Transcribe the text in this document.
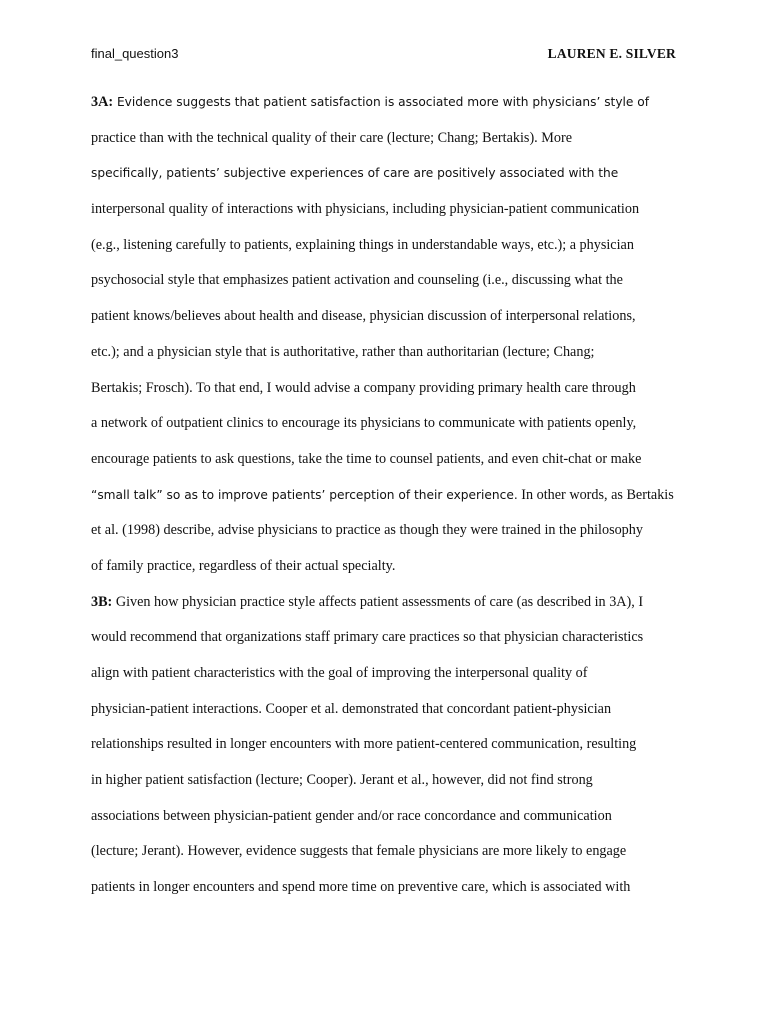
final_question3	LAUREN E. SILVER
3A: Evidence suggests that patient satisfaction is associated more with physicians’ style of
practice than with the technical quality of their care (lecture; Chang; Bertakis). More
specifically, patients’ subjective experiences of care are positively associated with the
interpersonal quality of interactions with physicians, including physician-patient communication
(e.g., listening carefully to patients, explaining things in understandable ways, etc.); a physician
psychosocial style that emphasizes patient activation and counseling (i.e., discussing what the
patient knows/believes about health and disease, physician discussion of interpersonal relations,
etc.); and a physician style that is authoritative, rather than authoritarian (lecture; Chang;
Bertakis; Frosch). To that end, I would advise a company providing primary health care through
a network of outpatient clinics to encourage its physicians to communicate with patients openly,
encourage patients to ask questions, take the time to counsel patients, and even chit-chat or make
“small talk” so as to improve patients’ perception of their experience. In other words, as Bertakis
et al. (1998) describe, advise physicians to practice as though they were trained in the philosophy
of family practice, regardless of their actual specialty.
3B: Given how physician practice style affects patient assessments of care (as described in 3A), I
would recommend that organizations staff primary care practices so that physician characteristics
align with patient characteristics with the goal of improving the interpersonal quality of
physician-patient interactions. Cooper et al. demonstrated that concordant patient-physician
relationships resulted in longer encounters with more patient-centered communication, resulting
in higher patient satisfaction (lecture; Cooper). Jerant et al., however, did not find strong
associations between physician-patient gender and/or race concordance and communication
(lecture; Jerant). However, evidence suggests that female physicians are more likely to engage
patients in longer encounters and spend more time on preventive care, which is associated with
